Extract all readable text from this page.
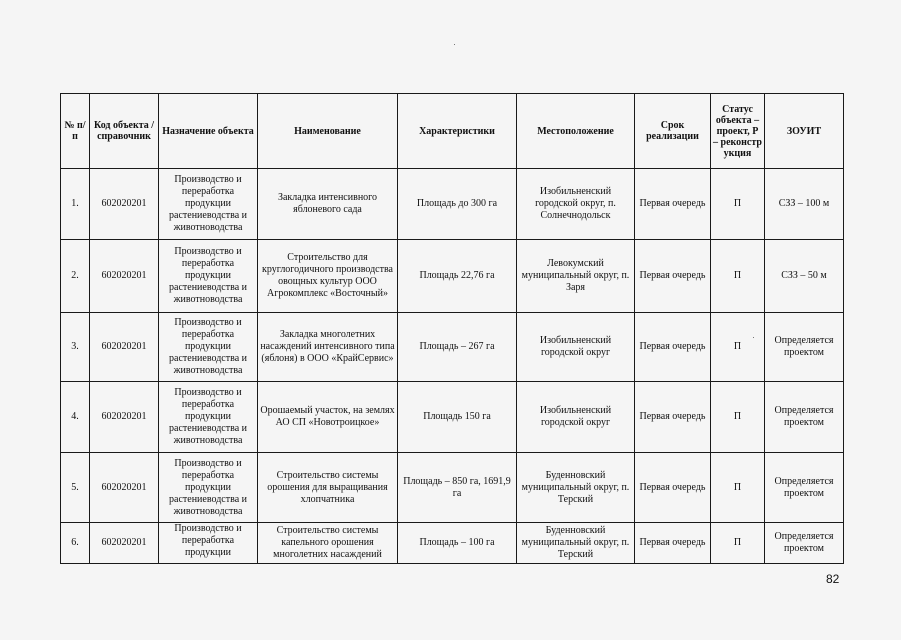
№ п/п	Код объекта / справочник	Назначение объекта	Наименование	Характеристики	Местоположение	Срок реализации	Статус объекта – проект, Р – реконстр укция	ЗОУИТ
1.	602020201	Производство и переработка продукции растениеводства и животноводства	Закладка интенсивного яблоневого сада	Площадь до 300 га	Изобильненский городской округ, п. Солнечнодольск	Первая очередь	П	СЗЗ – 100 м
2.	602020201	Производство и переработка продукции растениеводства и животноводства	Строительство для круглогодичного производства овощных культур ООО Агрокомплекс «Восточный»	Площадь 22,76 га	Левокумский муниципальный округ, п. Заря	Первая очередь	П	СЗЗ – 50 м
3.	602020201	Производство и переработка продукции растениеводства и животноводства	Закладка многолетних насаждений интенсивного типа (яблоня) в ООО «КрайСервис»	Площадь – 267 га	Изобильненский городской округ	Первая очередь	П	Определяется проектом
4.	602020201	Производство и переработка продукции растениеводства и животноводства	Орошаемый участок, на землях АО СП «Новотроицкое»	Площадь 150 га	Изобильненский городской округ	Первая очередь	П	Определяется проектом
5.	602020201	Производство и переработка продукции растениеводства и животноводства	Строительство системы орошения для выращивания хлопчатника	Площадь – 850 га, 1691,9 га	Буденновский муниципальный округ, п. Терский	Первая очередь	П	Определяется проектом
6.	602020201	Производство и переработка продукции	Строительство системы капельного орошения многолетних насаждений	Площадь – 100 га	Буденновский муниципальный округ, п. Терский	Первая очередь	П	Определяется проектом
82
